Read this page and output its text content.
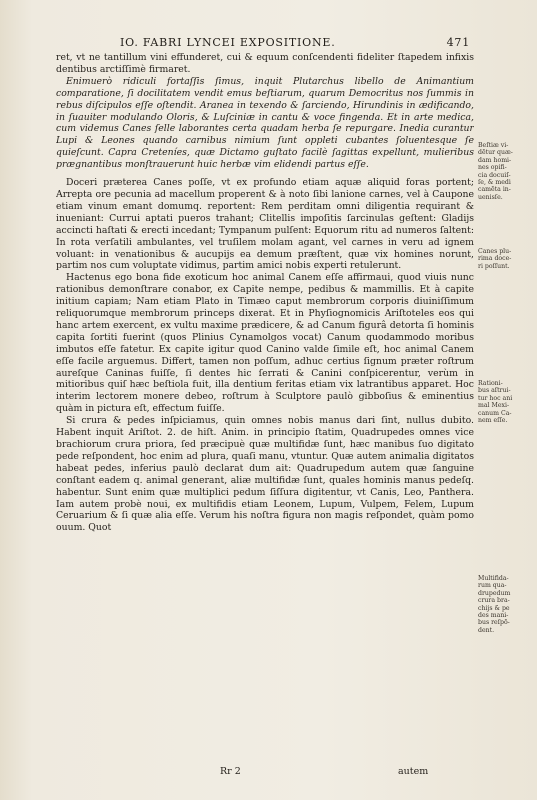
IO. FABRI LYNCEI EXPOSITIONE.	471

ret, vt ne tantillum vini effunderet, cui & equum conſcendenti fideliter ſtapedem infixis dentibus arctiſſimè firmaret.

Enimuerò ridiculi fortaſſis ſimus, inquit Plutarchus libello de Animantium comparatione, ſi docilitatem vendit emus beſtiarum, quarum Democritus nos ſummis in rebus diſcipulos eſſe oſtendit. Aranea in texendo & ſarciendo, Hirundinis in ædificando, in ſuauiter modulando Oloris, & Luſciniæ in cantu & voce fingenda. Et in arte medica, cum videmus Canes ſelle laborantes certa quadam herba ſe repurgare. Inedia curantur Lupi & Leones quando carnibus nimium ſunt oppleti cubantes ſoluentesque ſe quieſcunt. Capra Creteníes, quæ Dictamo guſtato facilè ſagittas expellunt, mulieribus prægnantibus monſtrauerunt huic herbæ vim elidendi partus eſſe.

Doceri præterea Canes poſſe, vt ex profundo etiam aquæ aliquid foras portent; Arrepta ore pecunia ad macellum properent & à noto ſibi lanione carnes, vel à Caupone etiam vinum emant domumq. reportent: Rem perditam omni diligentia requirant & inueniant: Currui aptati pueros trahant; Clitellis impoſitis ſarcinulas geſtent: Gladijs accincti haſtati & erecti incedant; Tympanum pulſent: Equorum ritu ad numeros ſaltent: In rota verſatili ambulantes, vel truſilem molam agant, vel carnes in veru ad ignem voluant: in venationibus & aucupijs ea demum præſtent, quæ vix homines norunt, partim nos cum voluptate vidimus, partim amici nobis experti retulerunt.

Hactenus ego bona fide exoticum hoc animal Canem eſſe affirmaui, quod viuis nunc rationibus demonſtrare conabor, ex Capite nempe, pedibus & mammillis. Et à capite initium capiam; Nam etiam Plato in Timæo caput membrorum corporis diuiniſſimum reliquorumque membrorum princeps dixerat. Et in Phyſiognomicis Ariſtoteles eos qui hanc artem exercent, ex vultu maxime prædicere, & ad Canum figurâ detorta ſi hominis capita ſortiti fuerint (quos Plinius Cynamolgos vocat) Canum quodammodo moribus imbutos eſſe fatetur. Ex capite igitur quod Canino valde ſimile eſt, hoc animal Canem eſſe facile arguemus. Differt, tamen non poſſum, adhuc certius ſignum præter roſtrum aureſque Caninas fuiſſe, ſi dentes hic ſerrati & Canini conſpicerentur, verùm in mitioribus quiſ hæc beſtiola fuit, illa dentium feritas etiam vix latrantibus apparet. Hoc interim lectorem monere debeo, roſtrum à Sculptore paulò gibboſius & eminentius quàm in pictura eſt, effectum fuiſſe.

Si crura & pedes inſpiciamus, quin omnes nobis manus dari ſint, nullus dubito. Habent inquit Ariſtot. 2. de hiſt. Anim. in principio ſtatim, Quadrupedes omnes vice brachiorum crura priora, ſed præcipuè quæ multifidæ ſunt, hæc manibus ſuo digitato pede reſpondent, hoc enim ad plura, quaſi manu, vtuntur. Quæ autem animalia digitatos habeat pedes, inferius paulò declarat dum ait: Quadrupedum autem quæ ſanguine conſtant eadem q. animal generant, aliæ multifidæ ſunt, quales hominis manus pedeſq. habentur. Sunt enim quæ multiplici pedum ſiſſura digitentur, vt Canis, Leo, Panthera. Iam autem probè noui, ex multifidis etiam Leonem, Lupum, Vulpem, Felem, Lupum Ceruarium & ſi quæ alia eſſe. Verum his noſtra figura non magis reſpondet, quàm pomo ouum. Quot

Beſtiæ vi-
dẽtur quæ-
dam homi-
nes opifi-
cia docuiſ-
ſe, & medi
camẽta in-
uenisſe.
Canes plu-
rima doce-
ri poſſunt.
Rationi-
bus aſtrui-
tur hoc ani
mal Mexi-
canum Ca-
nem eſſe.
Multifida-
rum qua-
drupedum
crura bra-
chijs & pe
des mani-
bus reſpõ-
dent.
Rr 2	autem
